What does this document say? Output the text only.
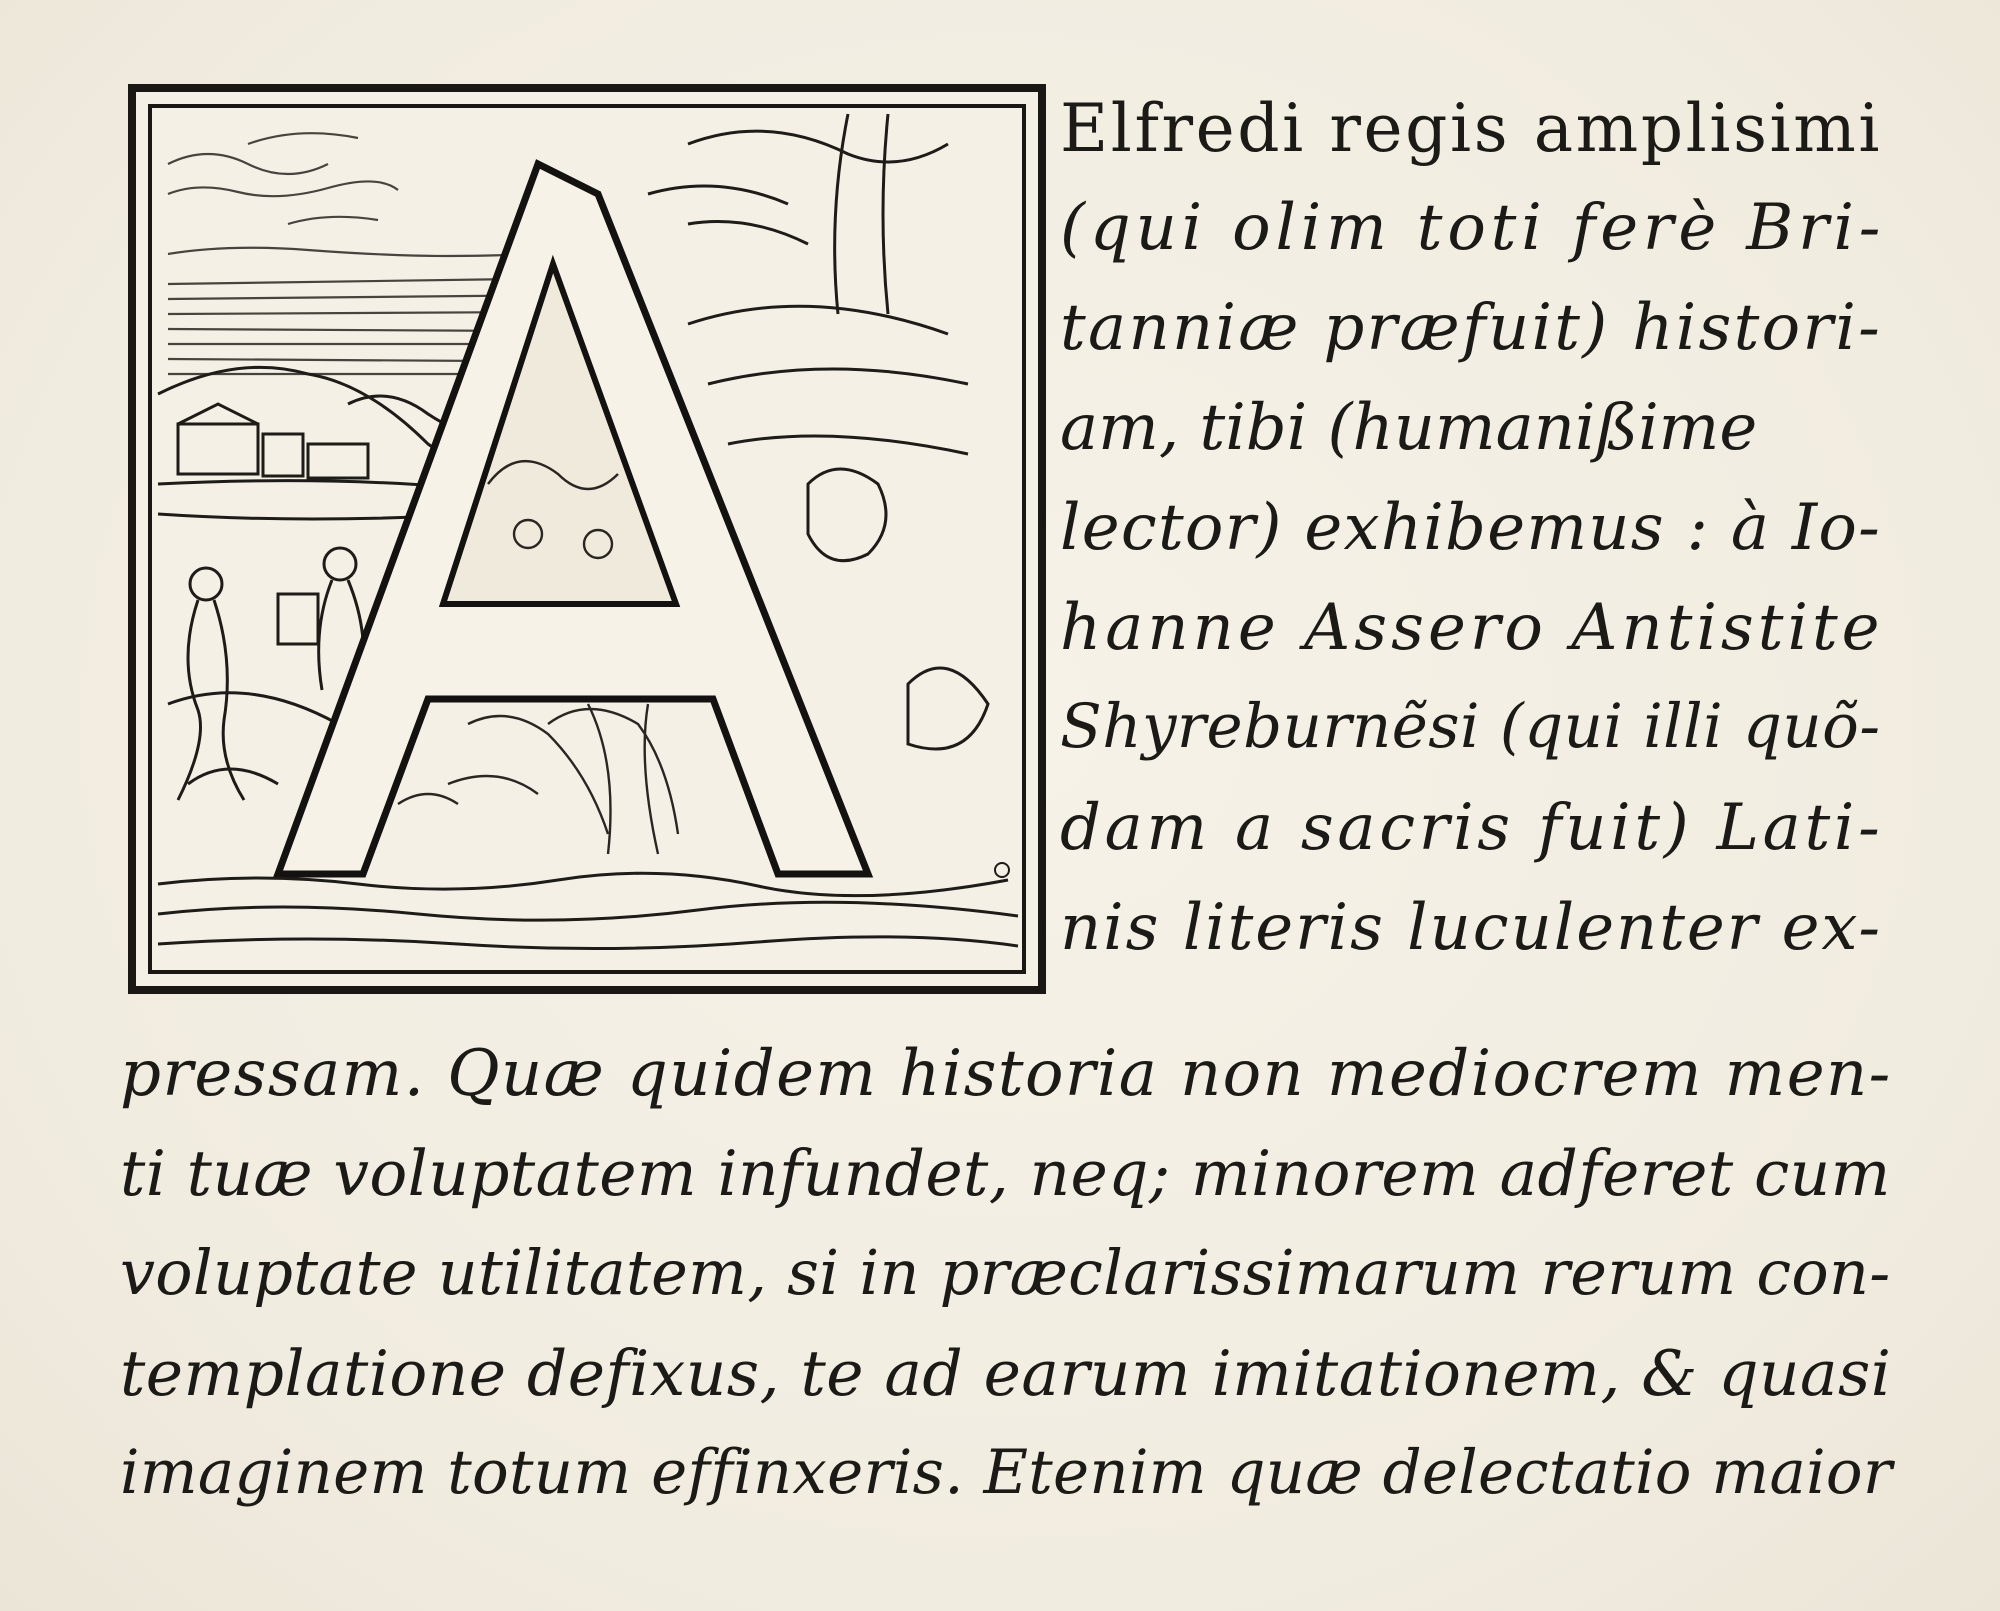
Elfredi regis amplisimi
(qui olim toti ferè Bri-
tanniæ præfuit) histori-
am, tibi (humanißime
lector) exhibemus : à Io-
hanne Assero Antistite
Shyreburnẽsi (qui illi quõ-
dam a sacris fuit) Lati-
nis literis luculenter ex-
pressam. Quæ quidem historia non mediocrem men-
ti tuæ voluptatem infundet, neq; minorem adferet cum
voluptate utilitatem, si in præclarissimarum rerum con-
templatione defixus, te ad earum imitationem, & quasi
imaginem totum effinxeris. Etenim quæ delectatio maior
